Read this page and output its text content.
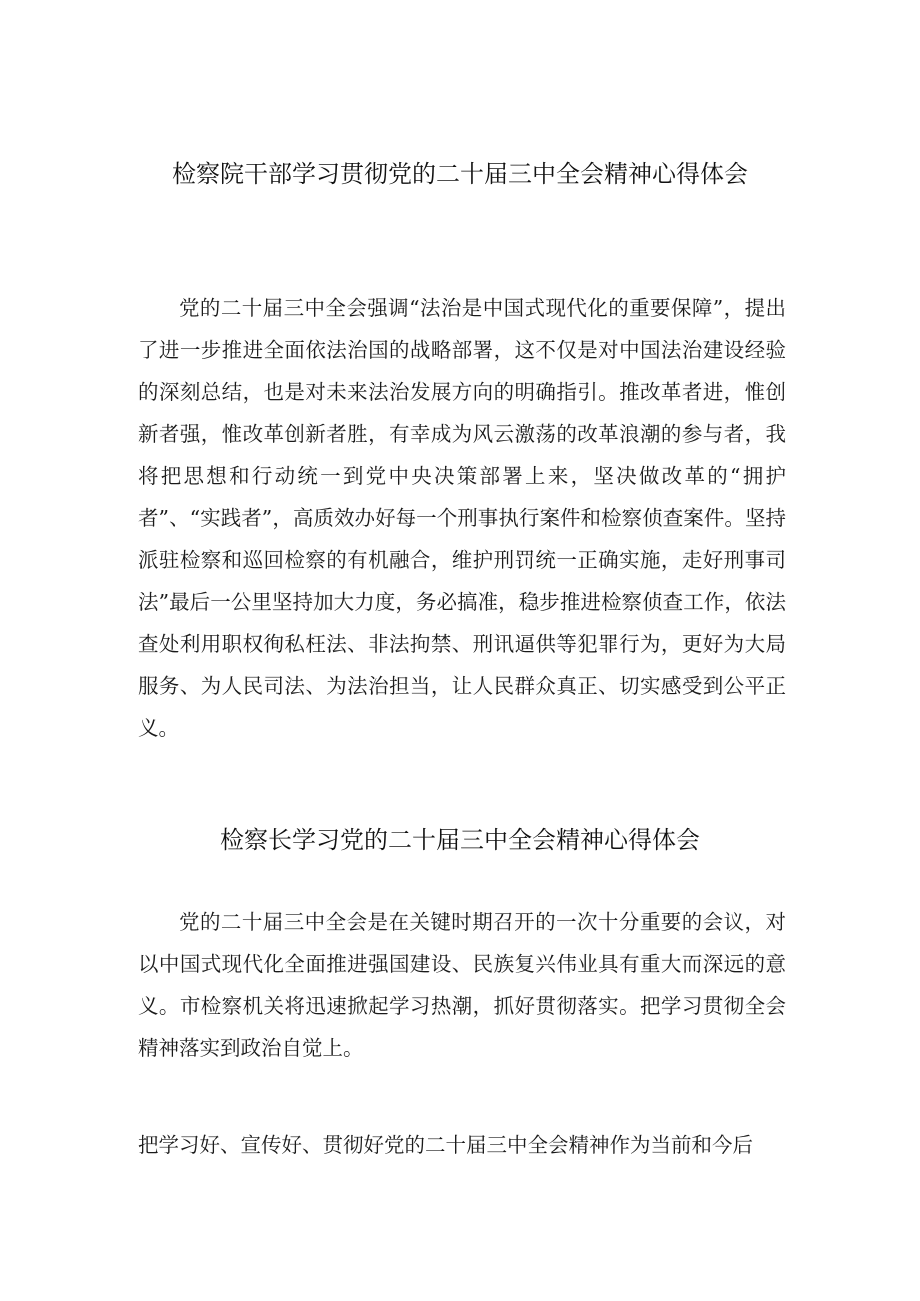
检察院干部学习贯彻党的二十届三中全会精神心得体会

党的二十届三中全会强调“法治是中国式现代化的重要保障”，提出了进一步推进全面依法治国的战略部署，这不仅是对中国法治建设经验的深刻总结，也是对未来法治发展方向的明确指引。推改革者进，惟创新者强，惟改革创新者胜，有幸成为风云激荡的改革浪潮的参与者，我将把思想和行动统一到党中央决策部署上来，坚决做改革的“拥护者”、“实践者”，高质效办好每一个刑事执行案件和检察侦查案件。坚持派驻检察和巡回检察的有机融合，维护刑罚统一正确实施，走好刑事司法”最后一公里坚持加大力度，务必搞准，稳步推进检察侦查工作，依法查处利用职权徇私枉法、非法拘禁、刑讯逼供等犯罪行为，更好为大局服务、为人民司法、为法治担当，让人民群众真正、切实感受到公平正义。

检察长学习党的二十届三中全会精神心得体会

党的二十届三中全会是在关键时期召开的一次十分重要的会议，对以中国式现代化全面推进强国建设、民族复兴伟业具有重大而深远的意义。市检察机关将迅速掀起学习热潮，抓好贯彻落实。把学习贯彻全会精神落实到政治自觉上。

把学习好、宣传好、贯彻好党的二十届三中全会精神作为当前和今后
